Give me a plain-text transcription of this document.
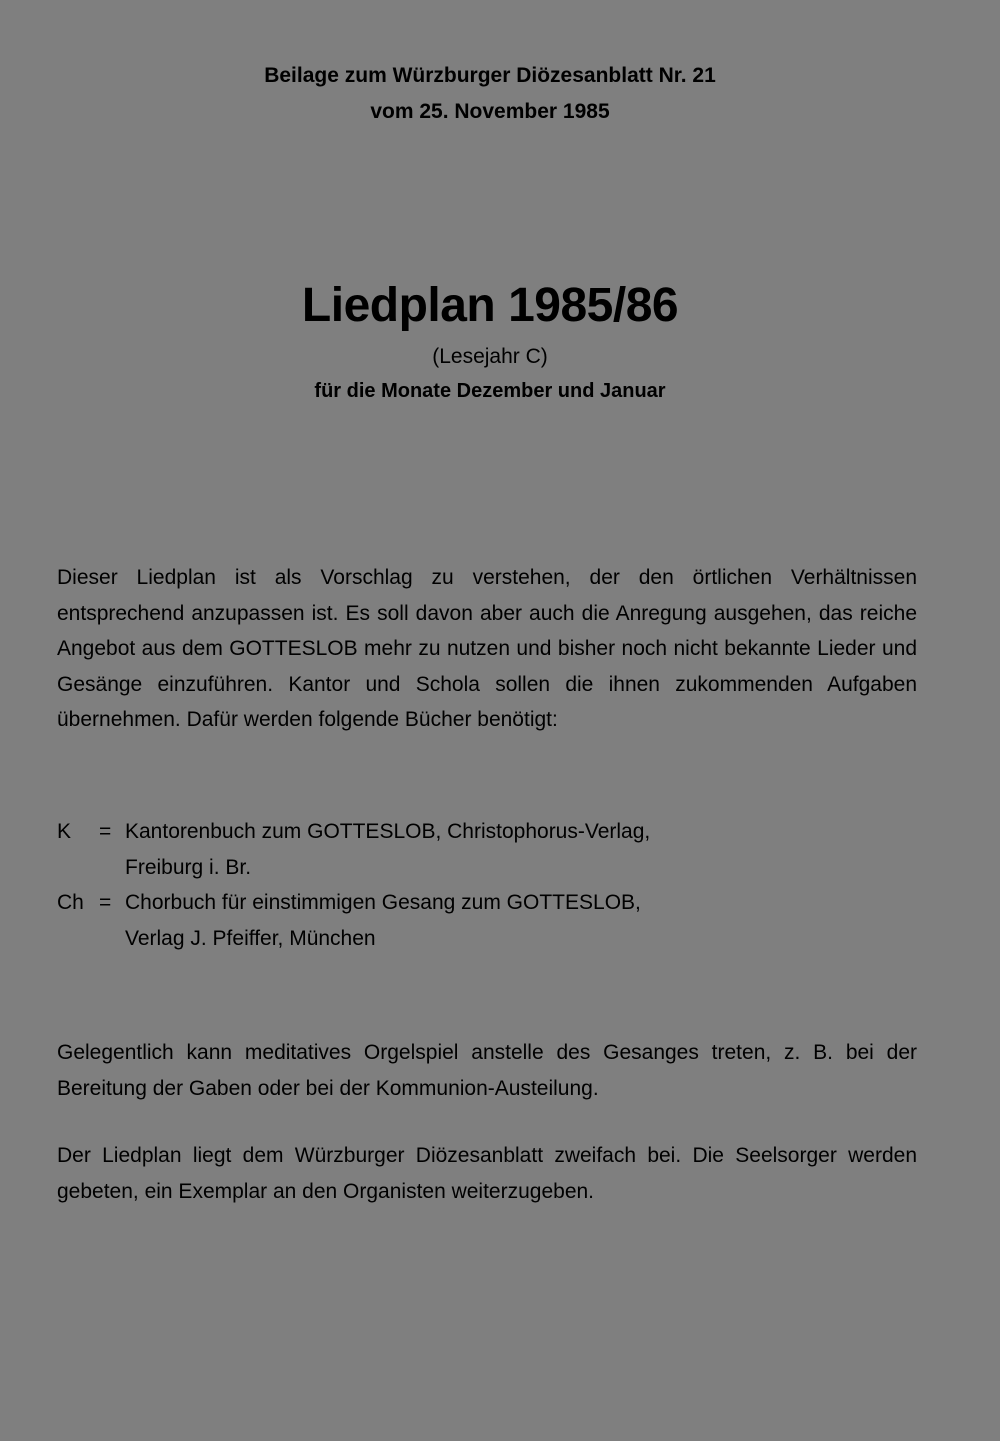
Beilage zum Würzburger Diözesanblatt Nr. 21
vom 25. November 1985
Liedplan 1985/86
(Lesejahr C)
für die Monate Dezember und Januar

Dieser Liedplan ist als Vorschlag zu verstehen, der den örtlichen Verhältnissen entsprechend anzupassen ist. Es soll davon aber auch die Anregung ausgehen, das reiche Angebot aus dem GOTTESLOB mehr zu nutzen und bisher noch nicht bekannte Lieder und Gesänge einzuführen. Kantor und Schola sollen die ihnen zukommenden Aufgaben übernehmen. Dafür werden folgende Bücher benötigt:

K	= Kantorenbuch zum GOTTESLOB, Christophorus-Verlag,
Freiburg i. Br.
Ch = Chorbuch für einstimmigen Gesang zum GOTTESLOB,
Verlag J. Pfeiffer, München

Gelegentlich kann meditatives Orgelspiel anstelle des Gesanges treten, z. B. bei der Bereitung der Gaben oder bei der Kommunion-Austeilung.

Der Liedplan liegt dem Würzburger Diözesanblatt zweifach bei. Die Seelsorger werden gebeten, ein Exemplar an den Organisten weiterzugeben.
